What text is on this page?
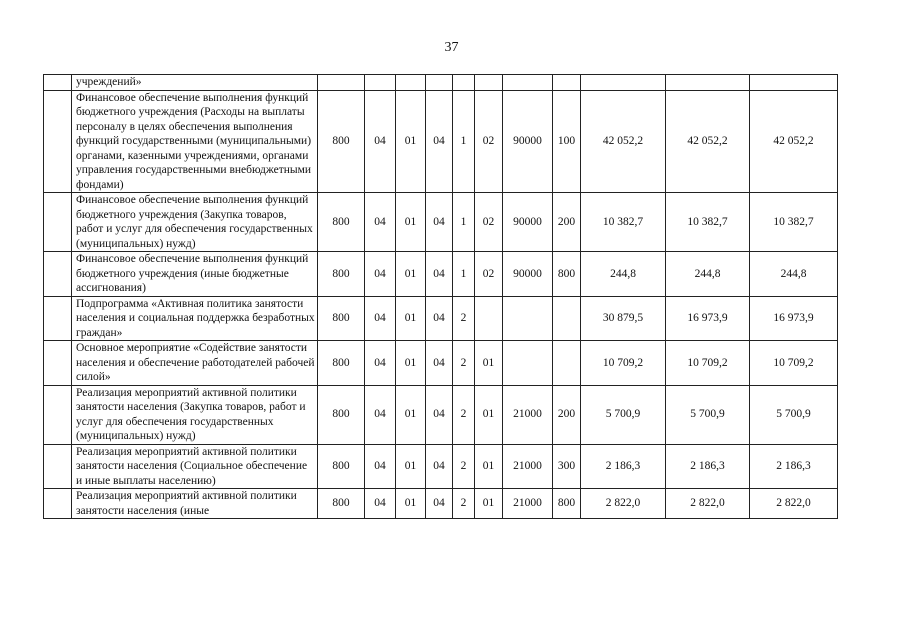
37
	учреждений»											
	Финансовое обеспечение выполнения функций бюджетного учреждения (Расходы на выплаты персоналу в целях обеспечения выполнения функций государственными (муниципальными) органами, казенными учреждениями, органами управления государственными внебюджетными фондами)	800	04	01	04	1	02	90000	100	42 052,2	42 052,2	42 052,2
	Финансовое обеспечение выполнения функций бюджетного учреждения (Закупка товаров, работ и услуг для обеспечения государственных (муниципальных) нужд)	800	04	01	04	1	02	90000	200	10 382,7	10 382,7	10 382,7
	Финансовое обеспечение выполнения функций бюджетного учреждения (иные бюджетные ассигнования)	800	04	01	04	1	02	90000	800	244,8	244,8	244,8
	Подпрограмма «Активная политика занятости населения и социальная поддержка безработных граждан»	800	04	01	04	2				30 879,5	16 973,9	16 973,9
	Основное мероприятие «Содействие занятости населения и обеспечение работодателей рабочей силой»	800	04	01	04	2	01			10 709,2	10 709,2	10 709,2
	Реализация мероприятий активной политики занятости населения (Закупка товаров, работ и услуг для обеспечения государственных (муниципальных) нужд)	800	04	01	04	2	01	21000	200	5 700,9	5 700,9	5 700,9
	Реализация мероприятий активной политики занятости населения (Социальное обеспечение и иные выплаты населению)	800	04	01	04	2	01	21000	300	2 186,3	2 186,3	2 186,3
	Реализация мероприятий активной политики занятости населения (иные	800	04	01	04	2	01	21000	800	2 822,0	2 822,0	2 822,0
